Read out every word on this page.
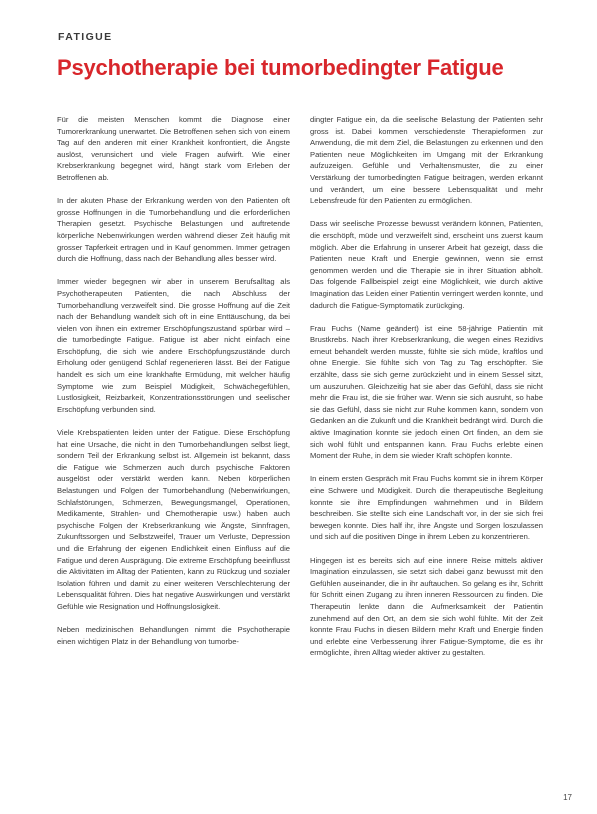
FATIGUE
Psychotherapie bei tumorbedingter Fatigue

Für die meisten Menschen kommt die Diagnose einer Tumorerkrankung unerwartet. Die Betroffenen sehen sich von einem Tag auf den anderen mit einer Krankheit konfrontiert, die Ängste auslöst, verunsichert und viele Fragen aufwirft. Wie einer Krebserkrankung begegnet wird, hängt stark vom Erleben der Betroffenen ab.

In der akuten Phase der Erkrankung werden von den Patienten oft grosse Hoffnungen in die Tumorbehandlung und die erforderlichen Therapien gesetzt. Psychische Belastungen und auftretende körperliche Nebenwirkungen werden während dieser Zeit häufig mit grosser Tapferkeit ertragen und in Kauf genommen. Immer getragen durch die Hoffnung, dass nach der Behandlung alles besser wird.

Immer wieder begegnen wir aber in unserem Berufsalltag als Psychotherapeuten Patienten, die nach Abschluss der Tumorbehandlung verzweifelt sind. Die grosse Hoffnung auf die Zeit nach der Behandlung wandelt sich oft in eine Enttäuschung, da bei vielen von ihnen ein extremer Erschöpfungszustand spürbar wird – die tumorbedingte Fatigue. Fatigue ist aber nicht einfach eine Erschöpfung, die sich wie andere Erschöpfungszustände durch Erholung oder genügend Schlaf regenerieren lässt. Bei der Fatigue handelt es sich um eine krankhafte Ermüdung, mit welcher häufig Symptome wie zum Beispiel Müdigkeit, Schwächegefühlen, Lustlosigkeit, Reizbarkeit, Konzentrationsstörungen und seelischer Erschöpfung verbunden sind.

Viele Krebspatienten leiden unter der Fatigue. Diese Erschöpfung hat eine Ursache, die nicht in den Tumorbehandlungen selbst liegt, sondern Teil der Erkrankung selbst ist. Allgemein ist bekannt, dass die Fatigue wie Schmerzen auch durch psychische Faktoren ausgelöst oder verstärkt werden kann. Neben körperlichen Belastungen und Folgen der Tumorbehandlung (Nebenwirkungen, Schlafstörungen, Schmerzen, Bewegungsmangel, Operationen, Medikamente, Strahlen- und Chemotherapie usw.) haben auch psychische Folgen der Krebserkrankung wie Ängste, Sinnfragen, Zukunftssorgen und Selbstzweifel, Trauer um Verluste, Depression und die Erfahrung der eigenen Endlichkeit einen Einfluss auf die Fatigue und deren Ausprägung. Die extreme Erschöpfung beeinflusst die Aktivitäten im Alltag der Patienten, kann zu Rückzug und sozialer Isolation führen und damit zu einer weiteren Verschlechterung der Lebensqualität führen. Dies hat negative Auswirkungen und verstärkt Gefühle wie Resignation und Hoffnungslosigkeit.

Neben medizinischen Behandlungen nimmt die Psychotherapie einen wichtigen Platz in der Behandlung von tumorbe-

dingter Fatigue ein, da die seelische Belastung der Patienten sehr gross ist. Dabei kommen verschiedenste Therapieformen zur Anwendung, die mit dem Ziel, die Belastungen zu erkennen und den Patienten neue Möglichkeiten im Umgang mit der Erkrankung aufzuzeigen. Gefühle und Verhaltensmuster, die zu einer Verstärkung der tumorbedingten Fatigue beitragen, werden erkannt und verändert, um eine bessere Lebensqualität und mehr Lebensfreude für den Patienten zu ermöglichen.

Dass wir seelische Prozesse bewusst verändern können, Patienten, die erschöpft, müde und verzweifelt sind, erscheint uns zuerst kaum möglich. Aber die Erfahrung in unserer Arbeit hat gezeigt, dass die Patienten neue Kraft und Energie gewinnen, wenn sie ernst genommen werden und die Therapie sie in ihrer Situation abholt. Das folgende Fallbeispiel zeigt eine Möglichkeit, wie durch aktive Imagination das Leiden einer Patientin verringert werden konnte, und dadurch die Fatigue-Symptomatik zurückging.

Frau Fuchs (Name geändert) ist eine 58-jährige Patientin mit Brustkrebs. Nach ihrer Krebserkrankung, die wegen eines Rezidivs erneut behandelt werden musste, fühlte sie sich müde, kraftlos und ohne Energie. Sie fühlte sich von Tag zu Tag erschöpfter. Sie erzählte, dass sie sich gerne zurückzieht und in einem Sessel sitzt, um auszuruhen. Gleichzeitig hat sie aber das Gefühl, dass sie nicht mehr die Frau ist, die sie früher war. Wenn sie sich ausruht, so habe sie das Gefühl, dass sie nicht zur Ruhe kommen kann, sondern von Gedanken an die Zukunft und die Krankheit bedrängt wird. Durch die aktive Imagination konnte sie jedoch einen Ort finden, an dem sie sich wohl fühlt und entspannen kann. Frau Fuchs erlebte einen Moment der Ruhe, in dem sie wieder Kraft schöpfen konnte.

In einem ersten Gespräch mit Frau Fuchs kommt sie in ihrem Körper eine Schwere und Müdigkeit. Durch die therapeutische Begleitung konnte sie ihre Empfindungen wahrnehmen und in Bildern beschreiben. Sie stellte sich eine Landschaft vor, in der sie sich frei bewegen konnte. Dies half ihr, ihre Ängste und Sorgen loszulassen und sich auf die positiven Dinge in ihrem Leben zu konzentrieren.

Hingegen ist es bereits sich auf eine innere Reise mittels aktiver Imagination einzulassen, sie setzt sich dabei ganz bewusst mit den Gefühlen auseinander, die in ihr auftauchen. So gelang es ihr, Schritt für Schritt einen Zugang zu ihren inneren Ressourcen zu finden. Die Therapeutin lenkte dann die Aufmerksamkeit der Patientin zunehmend auf den Ort, an dem sie sich wohl fühlte. Mit der Zeit konnte Frau Fuchs in diesen Bildern mehr Kraft und Energie finden und erlebte eine Verbesserung ihrer Fatigue-Symptome, die es ihr ermöglichte, ihren Alltag wieder aktiver zu gestalten.

17
